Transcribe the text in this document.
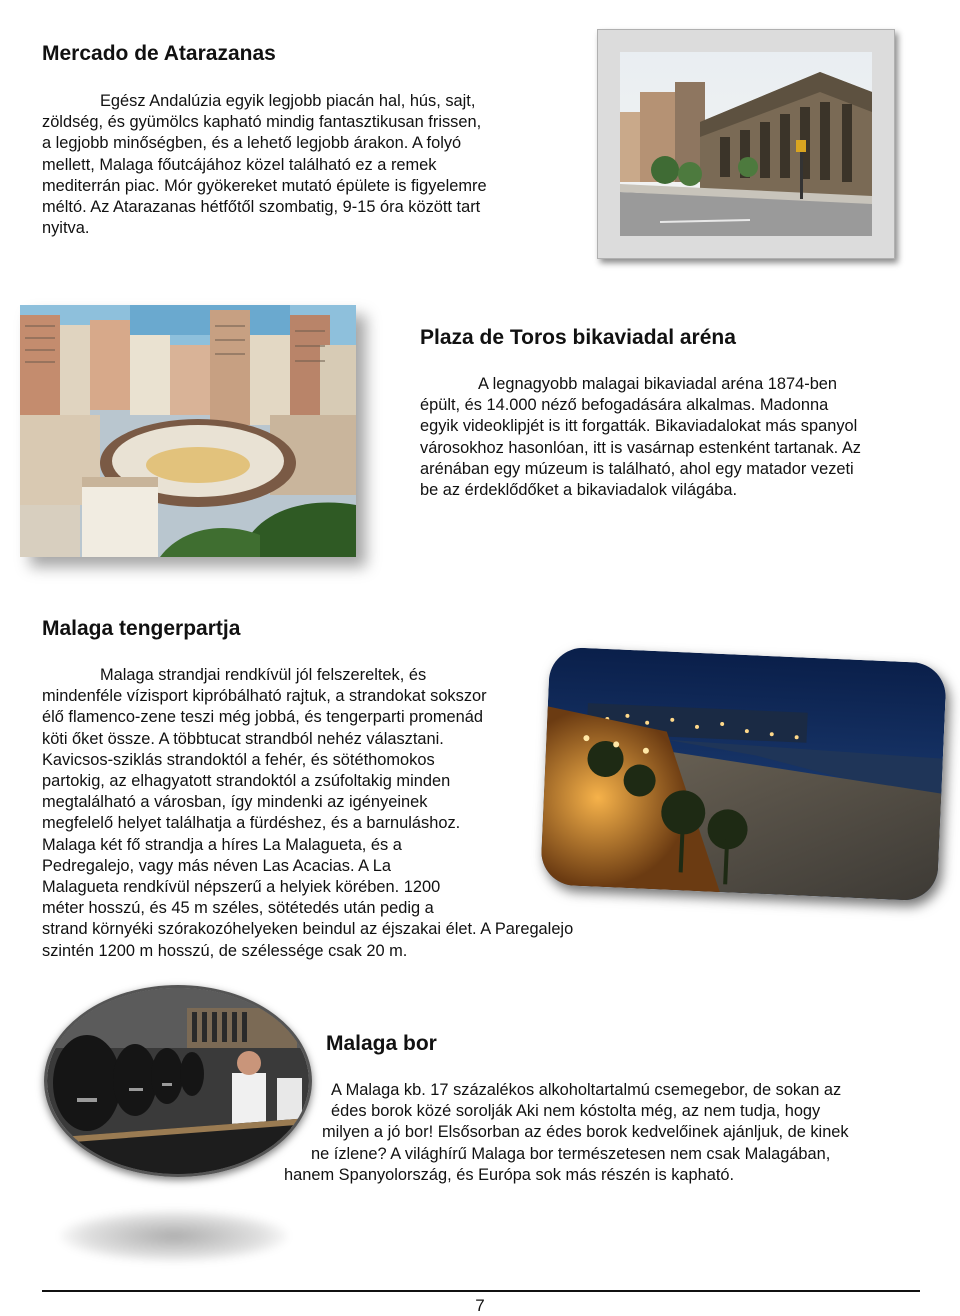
Mercado de Atarazanas
Egész Andalúzia egyik legjobb piacán hal, hús, sajt,
zöldség, és gyümölcs kapható mindig fantasztikusan frissen,
a legjobb minőségben, és a lehető legjobb árakon. A folyó
mellett, Malaga főutcájához közel található ez a remek
mediterrán piac. Mór gyökereket mutató épülete is figyelemre
méltó. Az Atarazanas hétfőtől szombatig, 9-15 óra között tart
nyitva.
Plaza de Toros bikaviadal aréna
A legnagyobb malagai bikaviadal aréna 1874-ben
épült, és 14.000 néző befogadására alkalmas. Madonna
egyik videoklipjét is itt forgatták. Bikaviadalokat más spanyol
városokhoz hasonlóan, itt is vasárnap estenként tartanak. Az
arénában egy múzeum is található, ahol egy matador vezeti
be az érdeklődőket a bikaviadalok világába.
Malaga tengerpartja
Malaga strandjai rendkívül jól felszereltek, és
mindenféle vízisport kipróbálható rajtuk, a strandokat sokszor
élő flamenco-zene teszi még jobbá, és tengerparti promenád
köti őket össze. A többtucat strandból nehéz választani.
Kavicsos-sziklás strandoktól a fehér, és sötéthomokos
partokig, az elhagyatott strandoktól a zsúfoltakig minden
megtalálható a városban, így mindenki az igényeinek
megfelelő helyet találhatja a fürdéshez, és a barnuláshoz.
Malaga két fő strandja a híres La Malagueta, és a
Pedregalejo, vagy más néven Las Acacias. A La
Malagueta rendkívül népszerű a helyiek körében. 1200
méter hosszú, és 45 m széles, sötétedés után pedig a
strand környéki szórakozóhelyeken beindul az éjszakai élet. A Paregalejo
szintén 1200 m hosszú, de szélessége csak 20 m.
Malaga bor
A Malaga kb. 17 százalékos alkoholtartalmú csemegebor, de sokan az
édes borok közé sorolják Aki nem kóstolta még, az nem tudja, hogy
milyen a jó bor! Elsősorban az édes borok kedvelőinek ajánljuk, de kinek
ne ízlene? A világhírű Malaga bor természetesen nem csak Malagában,
hanem Spanyolország, és Európa sok más részén is kapható.
7
